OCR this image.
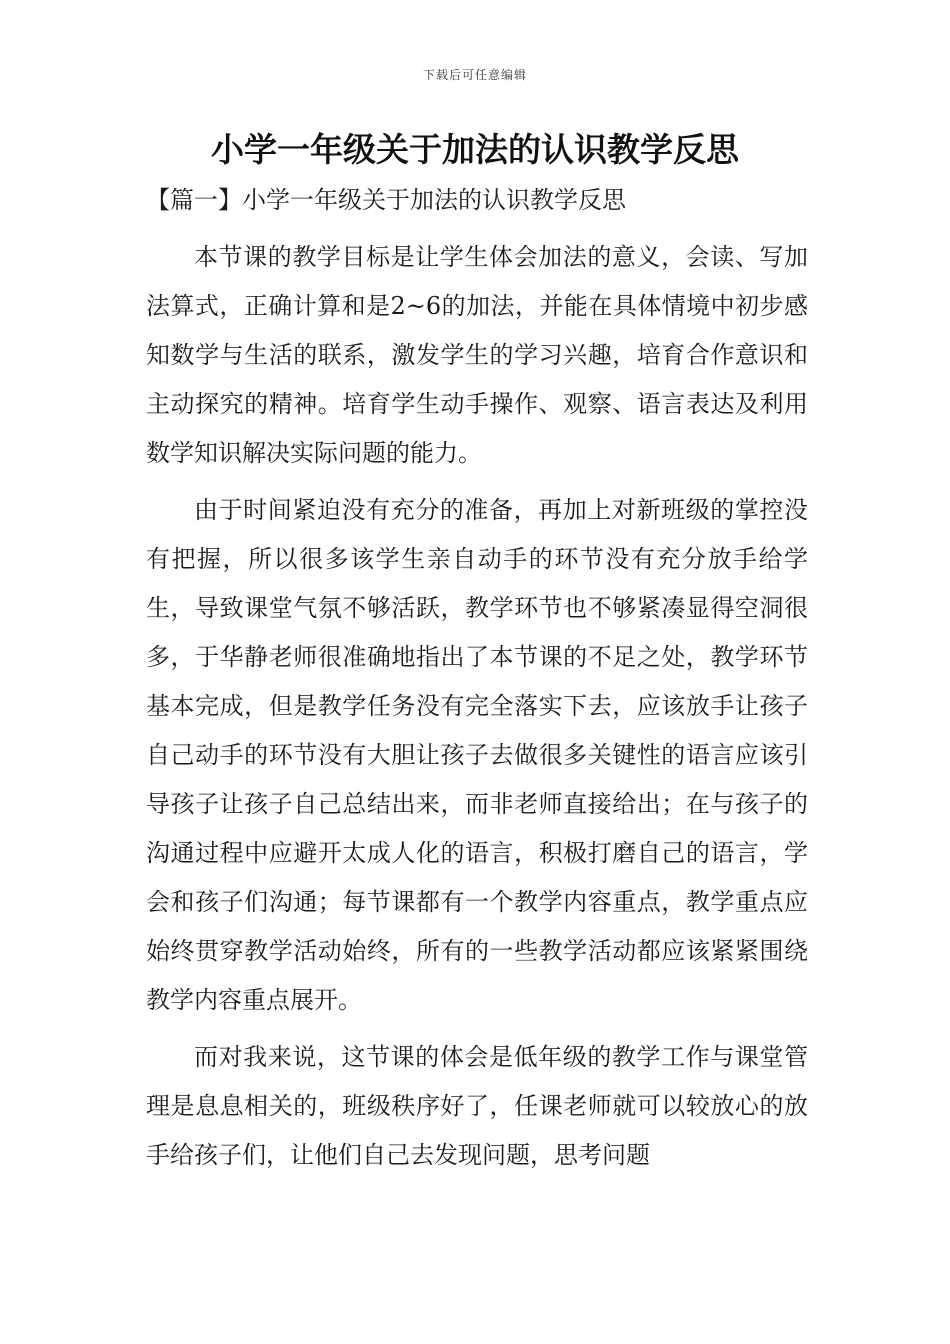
下载后可任意编辑
小学一年级关于加法的认识教学反思
【篇一】小学一年级关于加法的认识教学反思

本节课的教学目标是让学生体会加法的意义，会读、写加法算式，正确计算和是2~6的加法，并能在具体情境中初步感知数学与生活的联系，激发学生的学习兴趣，培育合作意识和主动探究的精神。培育学生动手操作、观察、语言表达及利用数学知识解决实际问题的能力。

由于时间紧迫没有充分的准备，再加上对新班级的掌控没有把握，所以很多该学生亲自动手的环节没有充分放手给学生，导致课堂气氛不够活跃，教学环节也不够紧凑显得空洞很多，于华静老师很准确地指出了本节课的不足之处，教学环节基本完成，但是教学任务没有完全落实下去，应该放手让孩子自己动手的环节没有大胆让孩子去做很多关键性的语言应该引导孩子让孩子自己总结出来，而非老师直接给出；在与孩子的沟通过程中应避开太成人化的语言，积极打磨自己的语言，学会和孩子们沟通；每节课都有一个教学内容重点，教学重点应始终贯穿教学活动始终，所有的一些教学活动都应该紧紧围绕教学内容重点展开。

而对我来说，这节课的体会是低年级的教学工作与课堂管理是息息相关的，班级秩序好了，任课老师就可以较放心的放手给孩子们，让他们自己去发现问题，思考问题
